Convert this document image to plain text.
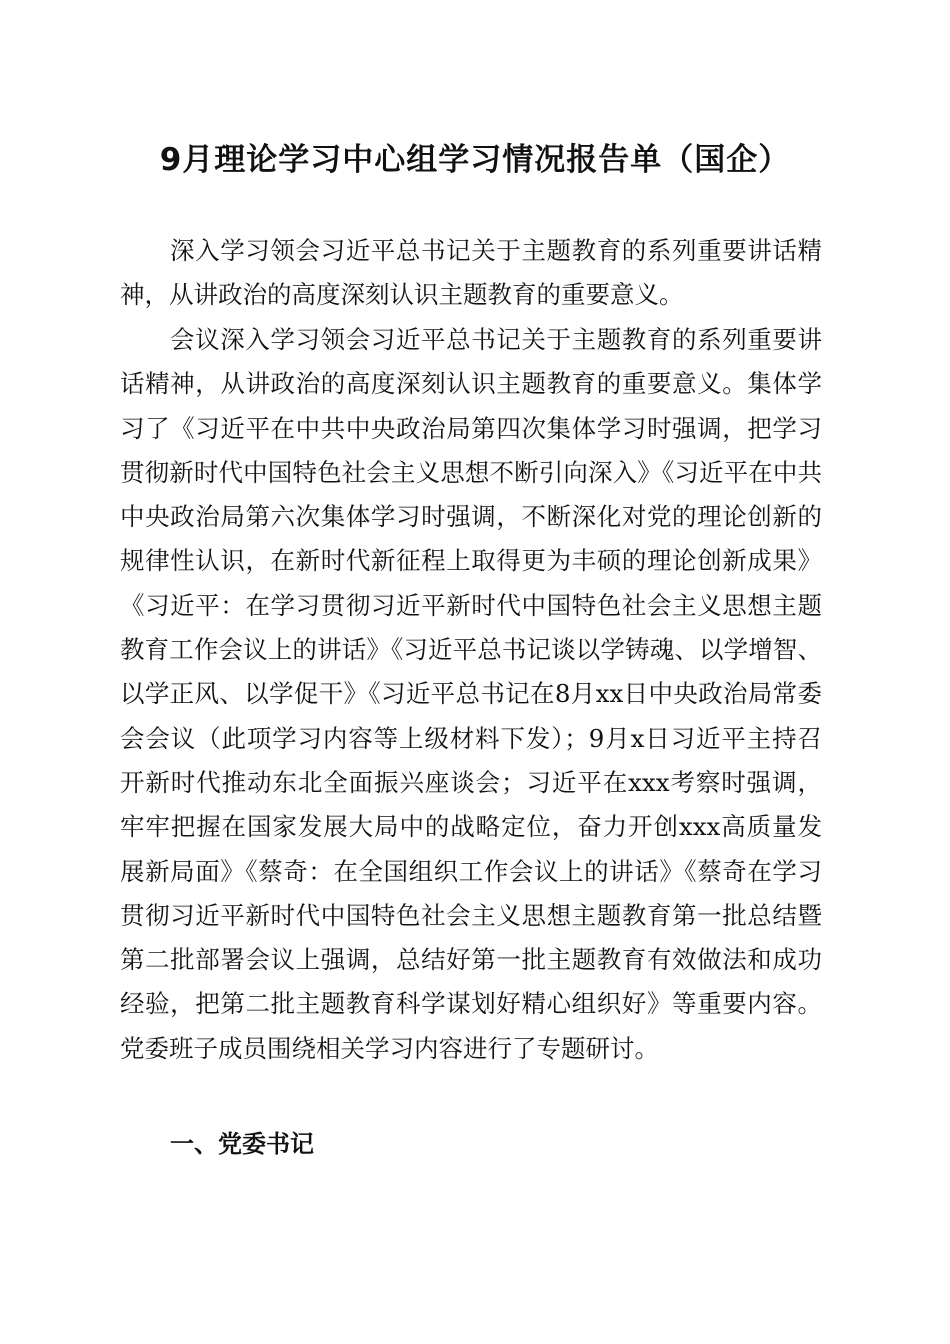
9月理论学习中心组学习情况报告单（国企）

深入学习领会习近平总书记关于主题教育的系列重要讲话精神，从讲政治的高度深刻认识主题教育的重要意义。

会议深入学习领会习近平总书记关于主题教育的系列重要讲话精神，从讲政治的高度深刻认识主题教育的重要意义。集体学习了《习近平在中共中央政治局第四次集体学习时强调，把学习贯彻新时代中国特色社会主义思想不断引向深入》《习近平在中共中央政治局第六次集体学习时强调，不断深化对党的理论创新的规律性认识，在新时代新征程上取得更为丰硕的理论创新成果》《习近平：在学习贯彻习近平新时代中国特色社会主义思想主题教育工作会议上的讲话》《习近平总书记谈以学铸魂、以学增智、以学正风、以学促干》《习近平总书记在8月xx日中央政治局常委会会议（此项学习内容等上级材料下发）；9月x日习近平主持召开新时代推动东北全面振兴座谈会；习近平在xxx考察时强调，牢牢把握在国家发展大局中的战略定位，奋力开创xxx高质量发展新局面》《蔡奇：在全国组织工作会议上的讲话》《蔡奇在学习贯彻习近平新时代中国特色社会主义思想主题教育第一批总结暨第二批部署会议上强调，总结好第一批主题教育有效做法和成功经验，把第二批主题教育科学谋划好精心组织好》等重要内容。党委班子成员围绕相关学习内容进行了专题研讨。

一、党委书记
